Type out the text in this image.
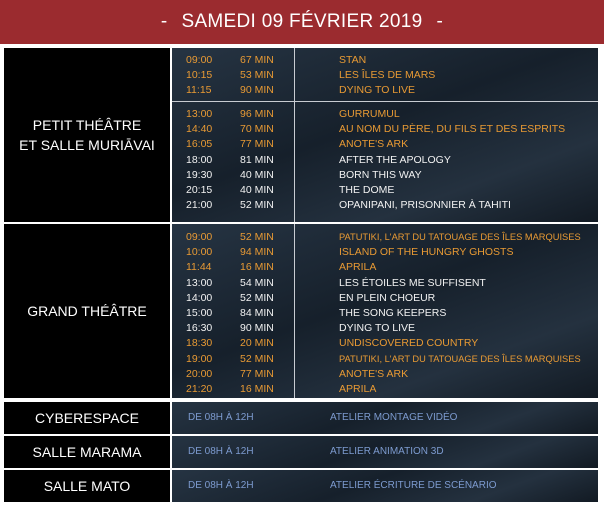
- SAMEDI 09 FÉVRIER 2019 -
PETIT THÉÂTRE
ET SALLE MURIĀVAI
09:00	67 MIN	STAN
10:15	53 MIN	LES ÎLES DE MARS
11:15	90 MIN	DYING TO LIVE
13:00	96 MIN	GURRUMUL
14:40	70 MIN	AU NOM DU PÈRE, DU FILS ET DES ESPRITS
16:05	77 MIN	ANOTE'S ARK
18:00	81 MIN	AFTER THE APOLOGY
19:30	40 MIN	BORN THIS WAY
20:15	40 MIN	THE DOME
21:00	52 MIN	OPANIPANI, PRISONNIER À TAHITI
GRAND THÉÂTRE
09:00	52 MIN	PATUTIKI, L'ART DU TATOUAGE DES ÎLES MARQUISES
10:00	94 MIN	ISLAND OF THE HUNGRY GHOSTS
11:44	16 MIN	APRILA
13:00	54 MIN	LES ÉTOILES ME SUFFISENT
14:00	52 MIN	EN PLEIN CHOEUR
15:00	84 MIN	THE SONG KEEPERS
16:30	90 MIN	DYING TO LIVE
18:30	20 MIN	UNDISCOVERED COUNTRY
19:00	52 MIN	PATUTIKI, L'ART DU TATOUAGE DES ÎLES MARQUISES
20:00	77 MIN	ANOTE'S ARK
21:20	16 MIN	APRILA
CYBERESPACE	DE 08H À 12H	ATELIER MONTAGE VIDÉO
SALLE MARAMA	DE 08H À 12H	ATELIER ANIMATION 3D
SALLE MATO	DE 08H À 12H	ATELIER ÉCRITURE DE SCÉNARIO
